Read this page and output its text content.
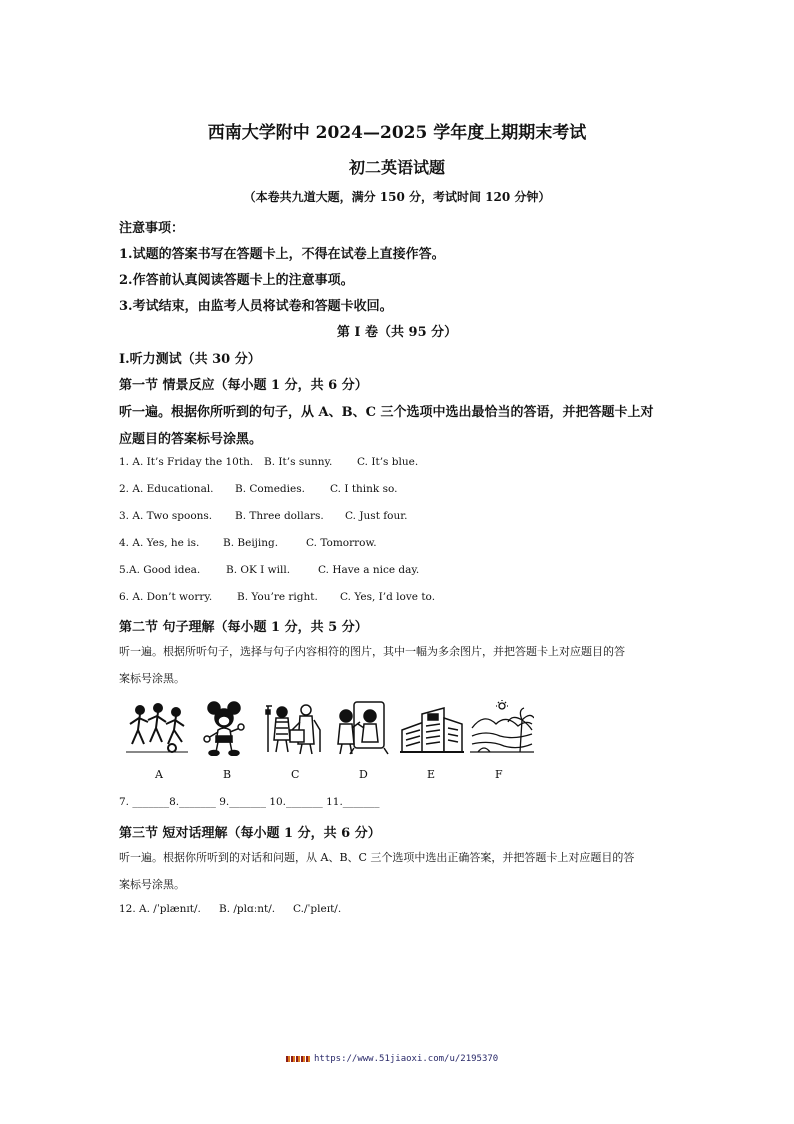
西南大学附中 2024—2025 学年度上期期末考试
初二英语试题
（本卷共九道大题，满分 150 分，考试时间 120 分钟）
注意事项：
1.试题的答案书写在答题卡上，不得在试卷上直接作答。
2.作答前认真阅读答题卡上的注意事项。
3.考试结束，由监考人员将试卷和答题卡收回。
第 I 卷（共 95 分）
I.听力测试（共 30 分）
第一节 情景反应（每小题 1 分，共 6 分）
听一遍。根据你所听到的句子，从 A、B、C 三个选项中选出最恰当的答语，并把答题卡上对
应题目的答案标号涂黑。
1. A. It’s Friday the 10th. B. It’s sunny. C. It’s blue.
2. A. Educational. B. Comedies. C. I think so.
3. A. Two spoons. B. Three dollars. C. Just four.
4. A. Yes, he is. B. Beijing.	C. Tomorrow.
5.A. Good idea. B. OK I will.	C. Have a nice day.
6. A. Don’t worry. B. You’re right. C. Yes, I’d love to.
第二节 句子理解（每小题 1 分，共 5 分）
听一遍。根据所听句子，选择与句子内容相符的图片，其中一幅为多余图片，并把答题卡上对应题目的答
案标号涂黑。
A	B	C	D	E	F
7. _______8._______ 9._______ 10._______ 11._______
第三节 短对话理解（每小题 1 分，共 6 分）
听一遍。根据你所听到的对话和问题，从 A、B、C 三个选项中选出正确答案，并把答题卡上对应题目的答
案标号涂黑。
12. A. /ˈplænɪt/. B. /plɑːnt/. C./ˈpleɪt/.
https://www.51jiaoxi.com/u/2195370
